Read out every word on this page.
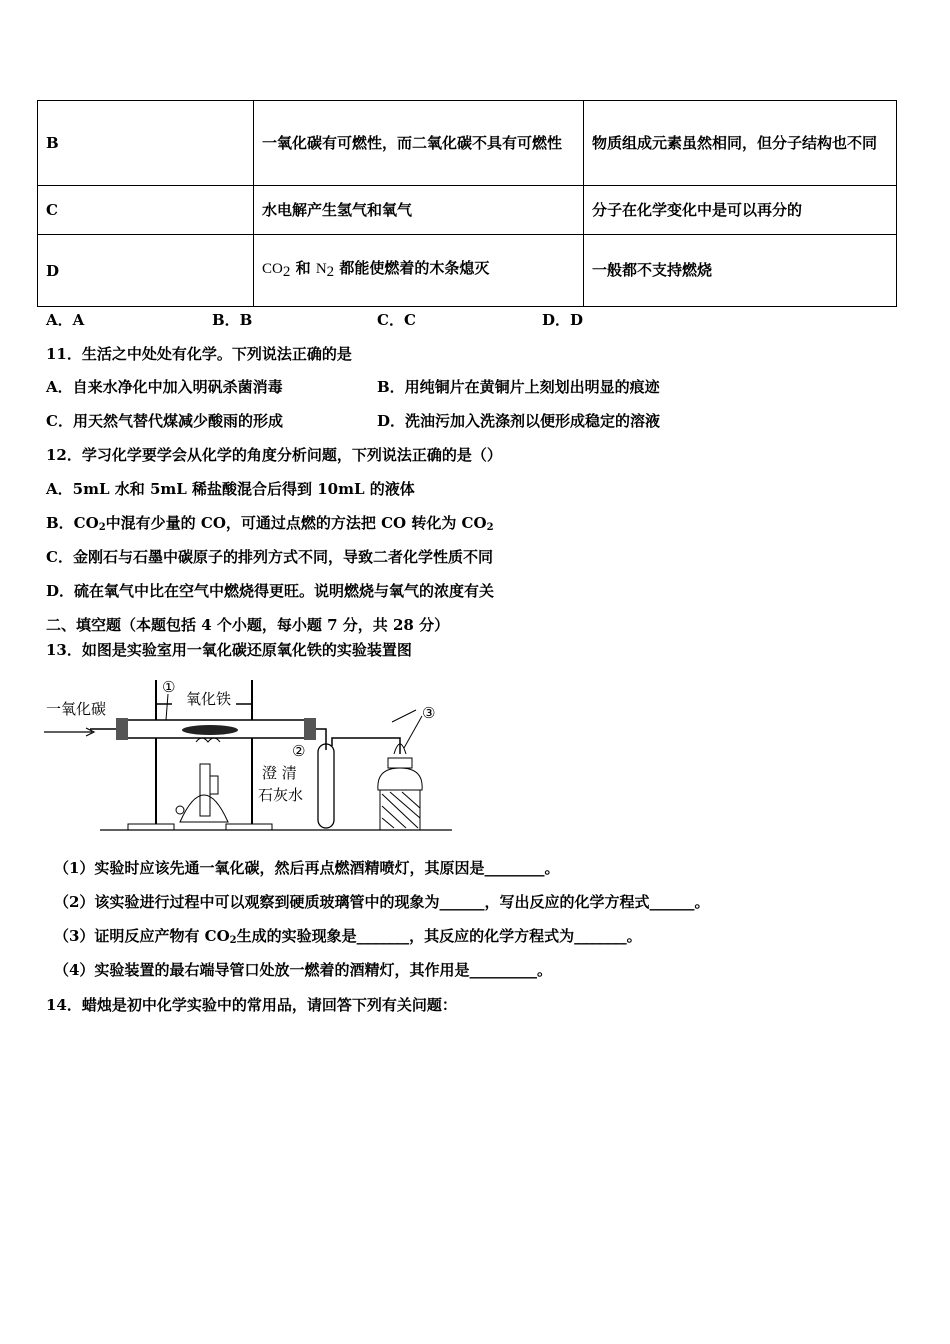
B	一氧化碳有可燃性，而二氧化碳不具有可燃性	物质组成元素虽然相同，但分子结构也不同
C	水电解产生氢气和氧气	分子在化学变化中是可以再分的
D	CO2 和 N2 都能使燃着的木条熄灭	一般都不支持燃烧
A．A	B．B	C．C	D．D
11．生活之中处处有化学。下列说法正确的是
A．自来水净化中加入明矾杀菌消毒	B．用纯铜片在黄铜片上刻划出明显的痕迹
C．用天然气替代煤减少酸雨的形成	D．洗油污加入洗涤剂以便形成稳定的溶液
12．学习化学要学会从化学的角度分析问题，下列说法正确的是（）
A．5mL 水和 5mL 稀盐酸混合后得到 10mL 的液体
B．CO2中混有少量的 CO，可通过点燃的方法把 CO 转化为 CO2
C．金刚石与石墨中碳原子的排列方式不同，导致二者化学性质不同
D．硫在氧气中比在空气中燃烧得更旺。说明燃烧与氧气的浓度有关
二、填空题（本题包括 4 个小题，每小题 7 分，共 28 分）
13．如图是实验室用一氧化碳还原氧化铁的实验装置图
一氧化碳
①
氧化铁
②
澄 清
石灰水
③
（1）实验时应该先通一氧化碳，然后再点燃酒精喷灯，其原因是________。
（2）该实验进行过程中可以观察到硬质玻璃管中的现象为______，写出反应的化学方程式______。
（3）证明反应产物有 CO2生成的实验现象是_______，其反应的化学方程式为_______。
（4）实验装置的最右端导管口处放一燃着的酒精灯，其作用是_________。
14．蜡烛是初中化学实验中的常用品，请回答下列有关问题：
